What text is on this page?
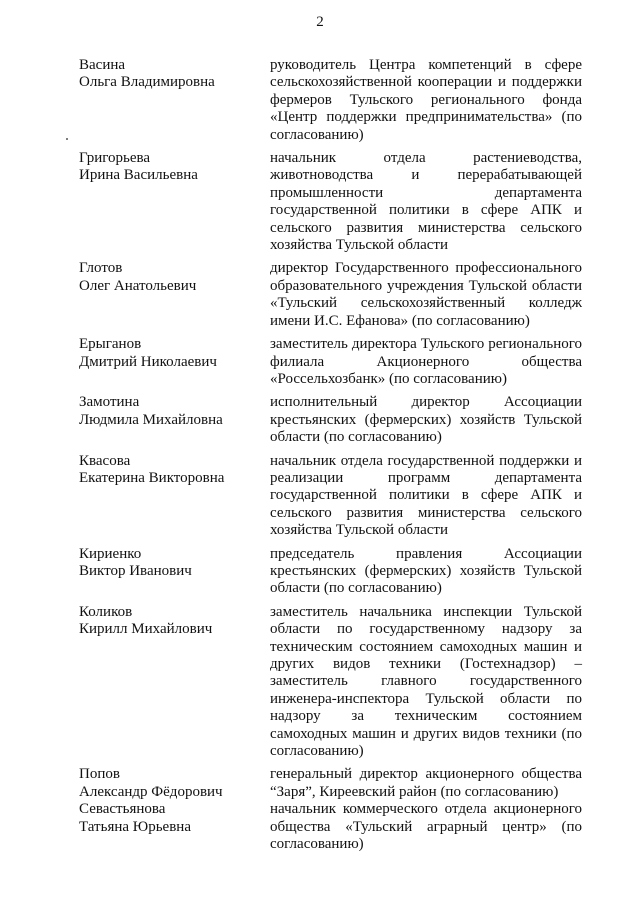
2
Васина
Ольга Владимировна
руководитель Центра компетенций в сфере сельскохозяйственной кооперации и поддержки фермеров Тульского регионального фонда «Центр поддержки предпринимательства» (по согласованию)
Григорьева
Ирина Васильевна
начальник отдела растениеводства, животноводства и перерабатывающей промышленности департамента государственной политики в сфере АПК и сельского развития министерства сельского хозяйства Тульской области
Глотов
Олег Анатольевич
директор Государственного профессионального образовательного учреждения Тульской области «Тульский сельскохозяйственный колледж имени И.С. Ефанова» (по согласованию)
Ерыганов
Дмитрий Николаевич
заместитель директора Тульского регионального филиала Акционерного общества «Россельхозбанк» (по согласованию)
Замотина
Людмила Михайловна
исполнительный директор Ассоциации крестьянских (фермерских) хозяйств Тульской области (по согласованию)
Квасова
Екатерина Викторовна
начальник отдела государственной поддержки и реализации программ департамента государственной политики в сфере АПК и сельского развития министерства сельского хозяйства Тульской области
Кириенко
Виктор Иванович
председатель правления Ассоциации крестьянских (фермерских) хозяйств Тульской области (по согласованию)
Коликов
Кирилл Михайлович
заместитель начальника инспекции Тульской области по государственному надзору за техническим состоянием самоходных машин и других видов техники (Гостехнадзор) – заместитель главного государственного инженера-инспектора Тульской области по надзору за техническим состоянием самоходных машин и других видов техники (по согласованию)
Попов
Александр Фёдорович
генеральный директор акционерного общества “Заря”, Киреевский район (по согласованию)
Севастьянова
Татьяна Юрьевна
начальник коммерческого отдела акционерного общества «Тульский аграрный центр» (по согласованию)
